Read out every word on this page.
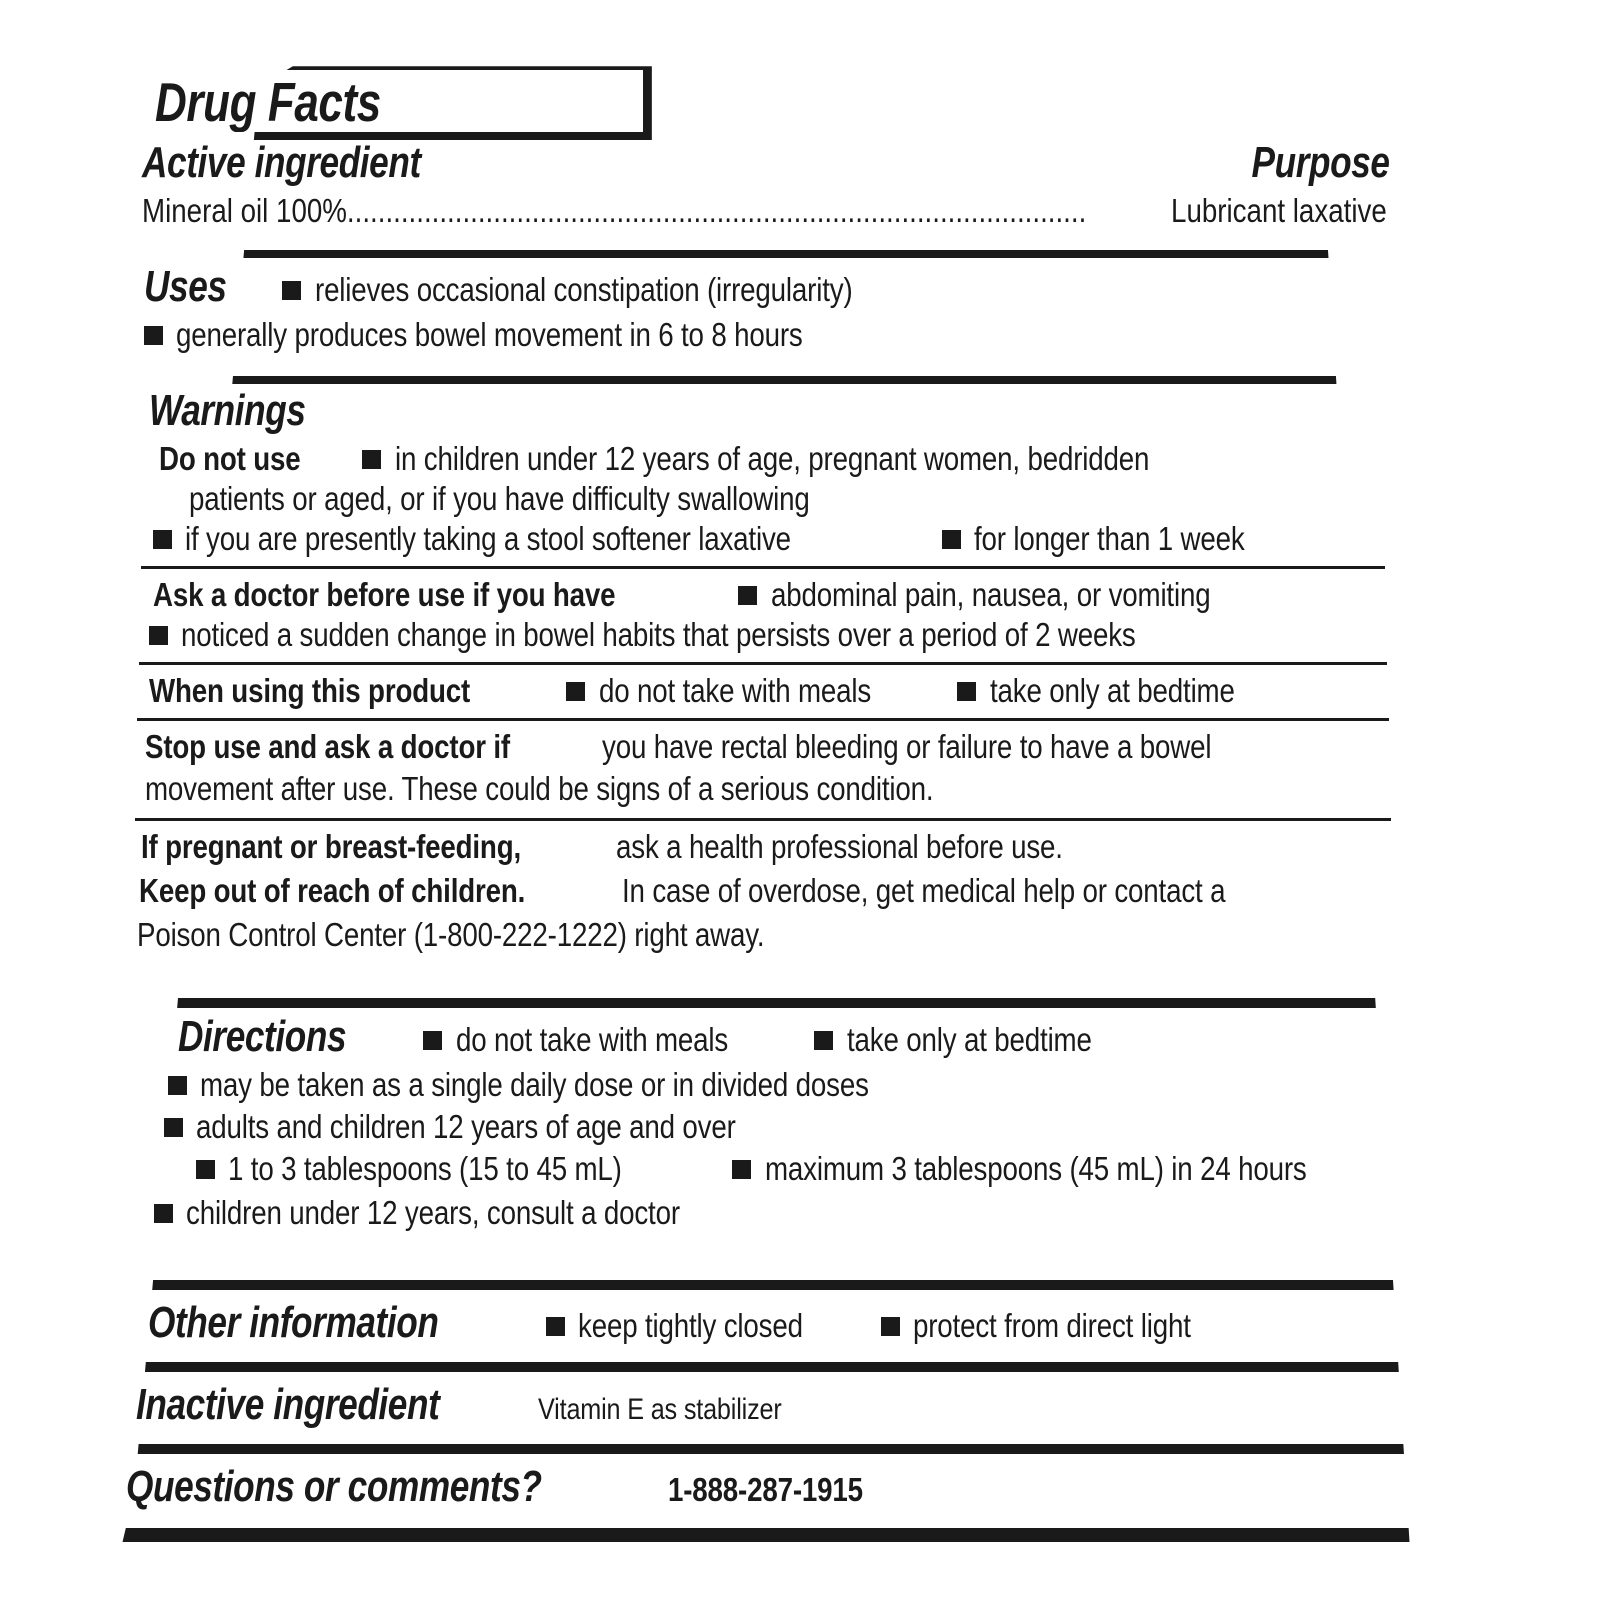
Drug Facts
Active ingredient	Purpose
Mineral oil 100% ................................................................................................	Lubricant laxative
Uses	relieves occasional constipation (irregularity)
generally produces bowel movement in 6 to 8 hours
Warnings
Do not use	in children under 12 years of age, pregnant women, bedridden
patients or aged, or if you have difficulty swallowing
if you are presently taking a stool softener laxative	for longer than 1 week
Ask a doctor before use if you have	abdominal pain, nausea, or vomiting
noticed a sudden change in bowel habits that persists over a period of 2 weeks
When using this product	do not take with meals	take only at bedtime
Stop use and ask a doctor if	you have rectal bleeding or failure to have a bowel
movement after use. These could be signs of a serious condition.
If pregnant or breast-feeding,	ask a health professional before use.
Keep out of reach of children.	In case of overdose, get medical help or contact a
Poison Control Center (1-800-222-1222) right away.
Directions	do not take with meals	take only at bedtime
may be taken as a single daily dose or in divided doses
adults and children 12 years of age and over
1 to 3 tablespoons (15 to 45 mL)	maximum 3 tablespoons (45 mL) in 24 hours
children under 12 years, consult a doctor
Other information	keep tightly closed	protect from direct light
Inactive ingredient	Vitamin E as stabilizer
Questions or comments?	1-888-287-1915
